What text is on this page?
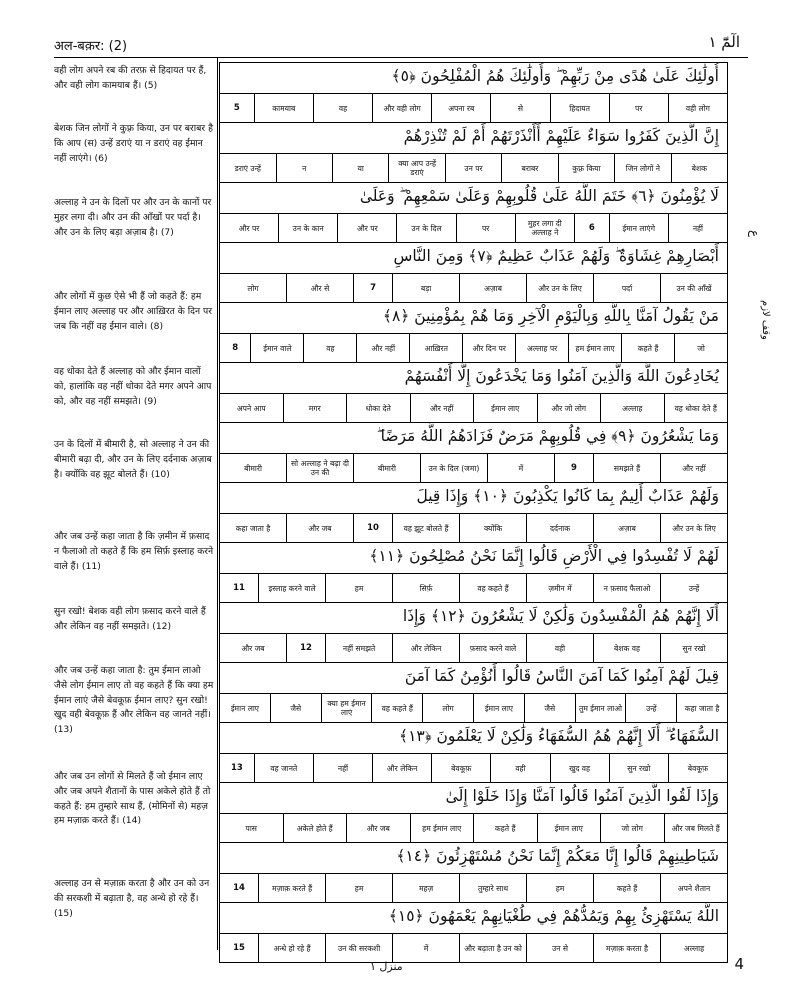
अल-बक़र: (2)	الٓمّٓ ١
वही लोग अपने रब की तरफ़ से हिदायत पर हैं, और वही लोग कामयाब हैं। (5)
बेशक जिन लोगों ने कुफ़्र किया, उन पर बराबर है कि आप (स) उन्हें डराएं या न डराएं वह ईमान नहीं लाएंगे। (6)
अल्लाह ने उन के दिलों पर और उन के कानों पर मुहर लगा दी। और उन की आँखों पर पर्दा है। और उन के लिए बड़ा अज़ाब है। (7)
और लोगों में कुछ ऐसे भी हैं जो कहते हैं: हम ईमान लाए अल्लाह पर और आख़िरत के दिन पर जब कि नहीं वह ईमान वाले। (8)
वह धोका देते हैं अल्लाह को और ईमान वालों को, हालांकि वह नहीं धोका देते मगर अपने आप को, और वह नहीं समझते। (9)
उन के दिलों में बीमारी है, सो अल्लाह ने उन की बीमारी बढ़ा दी, और उन के लिए दर्दनाक अज़ाब है। क्योंकि वह झूट बोलते हैं। (10)
और जब उन्हें कहा जाता है कि ज़मीन में फ़साद न फैलाओ तो कहते हैं कि हम सिर्फ़ इस्लाह करने वाले हैं। (11)
सुन रखो! बेशक वही लोग फ़साद करने वाले हैं और लेकिन वह नहीं समझते। (12)
और जब उन्हें कहा जाता है: तुम ईमान लाओ जैसे लोग ईमान लाए तो वह कहते हैं कि क्या हम ईमान लाएं जैसे बेवकूफ़ ईमान लाए? सुन रखो! खुद वही बेवकूफ़ हैं और लेकिन वह जानते नहीं। (13)
और जब उन लोगों से मिलते हैं जो ईमान लाए और जब अपने शैतानों के पास अकेले होते हैं तो कहते हैं: हम तुम्हारे साथ हैं, (मोमिनों से) महज़ हम मज़ाक़ करते हैं। (14)
अल्लाह उन से मज़ाक़ करता है और उन को उन की सरकशी में बढ़ाता है, वह अन्धे हो रहे हैं। (15)
أُولَٰئِكَ عَلَىٰ هُدًى مِنْ رَبِّهِمْ ۖ وَأُولَٰئِكَ هُمُ الْمُفْلِحُونَ ﴿٥﴾
वही लोग
पर
हिदायत
से
अपना रब
और वही लोग
वह
कामयाब
5
إِنَّ الَّذِينَ كَفَرُوا سَوَاءٌ عَلَيْهِمْ أَأَنْذَرْتَهُمْ أَمْ لَمْ تُنْذِرْهُمْ
बेशक
जिन लोगों ने
कुफ़्र किया
बराबर
उन पर
क्या आप उन्हें डराएं
या
न
डराएं उन्हें
لَا يُؤْمِنُونَ ﴿٦﴾ خَتَمَ اللَّهُ عَلَىٰ قُلُوبِهِمْ وَعَلَىٰ سَمْعِهِمْ ۖ وَعَلَىٰ
नहीं
ईमान लाएंगे
6
मुहर लगा दी अल्लाह ने
पर
उन के दिल
और पर
उन के कान
और पर
أَبْصَارِهِمْ غِشَاوَةٌ ۖ وَلَهُمْ عَذَابٌ عَظِيمٌ ﴿٧﴾ وَمِنَ النَّاسِ
उन की आँखें
पर्दा
और उन के लिए
अज़ाब
बड़ा
7
और से
लोग
مَنْ يَقُولُ آمَنَّا بِاللَّهِ وَبِالْيَوْمِ الْآخِرِ وَمَا هُمْ بِمُؤْمِنِينَ ﴿٨﴾
जो
कहते हैं
हम ईमान लाए
अल्लाह पर
और दिन पर
आख़िरत
और नहीं
वह
ईमान वाले
8
يُخَادِعُونَ اللَّهَ وَالَّذِينَ آمَنُوا وَمَا يَخْدَعُونَ إِلَّا أَنْفُسَهُمْ
वह धोका देते हैं
अल्लाह
और जो लोग
ईमान लाए
और नहीं
धोका देते
मगर
अपने आप
وَمَا يَشْعُرُونَ ﴿٩﴾ فِي قُلُوبِهِمْ مَرَضٌ فَزَادَهُمُ اللَّهُ مَرَضًا ۖ
और नहीं
समझते हैं
9
में
उन के दिल (जमा)
बीमारी
सो अल्लाह ने बढ़ा दी उन की
बीमारी
وَلَهُمْ عَذَابٌ أَلِيمٌ بِمَا كَانُوا يَكْذِبُونَ ﴿١٠﴾ وَإِذَا قِيلَ
और उन के लिए
अज़ाब
दर्दनाक
क्योंकि
वह झूट बोलते हैं
10
और जब
कहा जाता है
لَهُمْ لَا تُفْسِدُوا فِي الْأَرْضِ قَالُوا إِنَّمَا نَحْنُ مُصْلِحُونَ ﴿١١﴾
उन्हें
न फ़साद फैलाओ
ज़मीन में
वह कहते हैं
सिर्फ़
हम
इस्लाह करने वाले
11
أَلَا إِنَّهُمْ هُمُ الْمُفْسِدُونَ وَلَٰكِنْ لَا يَشْعُرُونَ ﴿١٢﴾ وَإِذَا
सुन रखो
बेशक वह
वही
फ़साद करने वाले
और लेकिन
नहीं समझते
12
और जब
قِيلَ لَهُمْ آمِنُوا كَمَا آمَنَ النَّاسُ قَالُوا أَنُؤْمِنُ كَمَا آمَنَ
कहा जाता है
उन्हें
तुम ईमान लाओ
जैसे
ईमान लाए
लोग
वह कहते हैं
क्या हम ईमान लाएं
जैसे
ईमान लाए
السُّفَهَاءُ ۗ أَلَا إِنَّهُمْ هُمُ السُّفَهَاءُ وَلَٰكِنْ لَا يَعْلَمُونَ ﴿١٣﴾
बेवकूफ़
सुन रखो
खुद वह
वही
बेवकूफ़
और लेकिन
नहीं
वह जानते
13
وَإِذَا لَقُوا الَّذِينَ آمَنُوا قَالُوا آمَنَّا وَإِذَا خَلَوْا إِلَىٰ
और जब मिलते हैं
जो लोग
ईमान लाए
कहते हैं
हम ईमान लाए
और जब
अकेले होते हैं
पास
شَيَاطِينِهِمْ قَالُوا إِنَّا مَعَكُمْ إِنَّمَا نَحْنُ مُسْتَهْزِئُونَ ﴿١٤﴾
अपने शैतान
कहते हैं
हम
तुम्हारे साथ
महज़
हम
मज़ाक़ करते हैं
14
اللَّهُ يَسْتَهْزِئُ بِهِمْ وَيَمُدُّهُمْ فِي طُغْيَانِهِمْ يَعْمَهُونَ ﴿١٥﴾
अल्लाह
मज़ाक़ करता है
उन से
और बढ़ाता है उन को
में
उन की सरकशी
अन्धे हो रहे हैं
15
ع
وقف لازم
منزل ١	4
